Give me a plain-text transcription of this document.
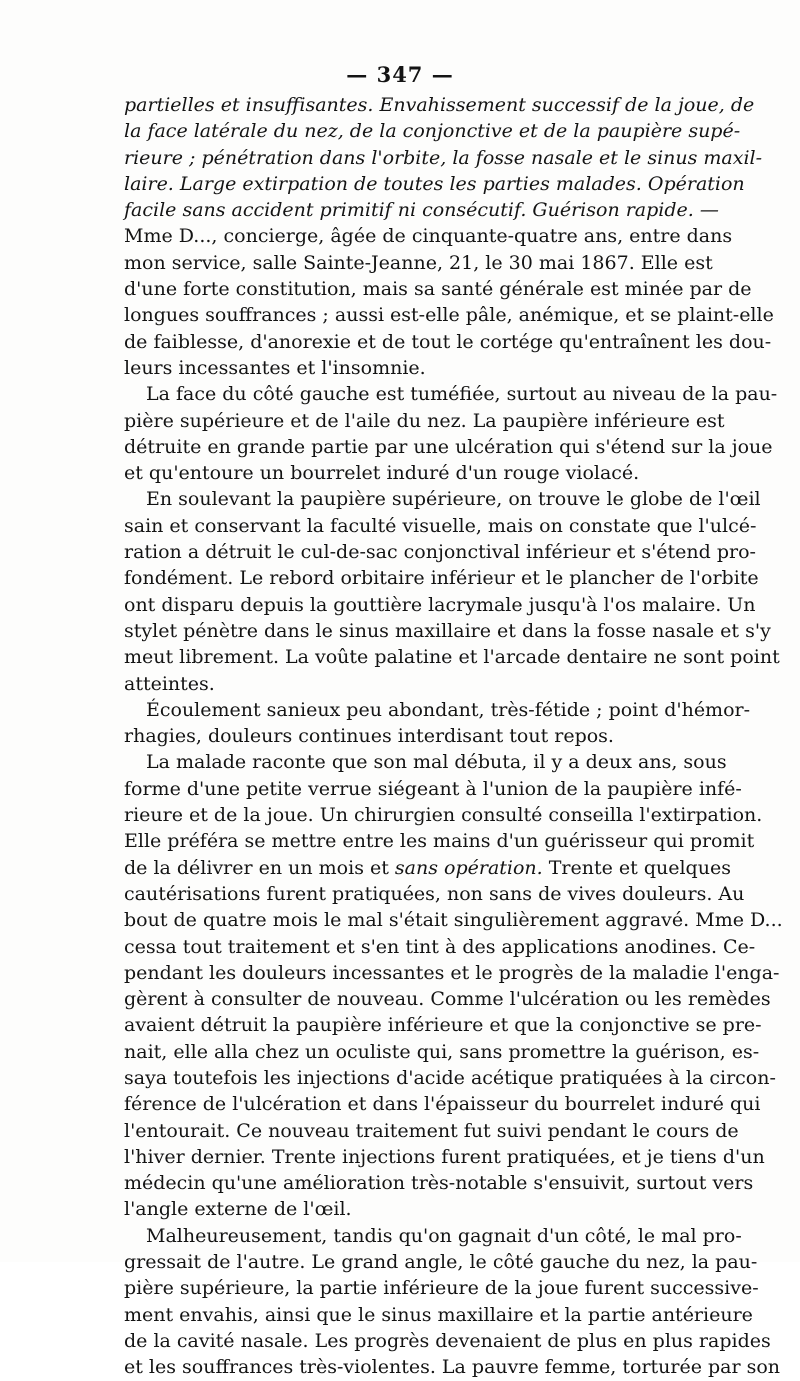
— 347 —
partielles et insuffisantes. Envahissement successif de la joue, de
la face latérale du nez, de la conjonctive et de la paupière supé-
rieure ; pénétration dans l'orbite, la fosse nasale et le sinus maxil-
laire. Large extirpation de toutes les parties malades. Opération
facile sans accident primitif ni consécutif. Guérison rapide. —
Mme D..., concierge, âgée de cinquante-quatre ans, entre dans
mon service, salle Sainte-Jeanne, 21, le 30 mai 1867. Elle est
d'une forte constitution, mais sa santé générale est minée par de
longues souffrances ; aussi est-elle pâle, anémique, et se plaint-elle
de faiblesse, d'anorexie et de tout le cortége qu'entraînent les dou-
leurs incessantes et l'insomnie.
La face du côté gauche est tuméfiée, surtout au niveau de la pau-
pière supérieure et de l'aile du nez. La paupière inférieure est
détruite en grande partie par une ulcération qui s'étend sur la joue
et qu'entoure un bourrelet induré d'un rouge violacé.
En soulevant la paupière supérieure, on trouve le globe de l'œil
sain et conservant la faculté visuelle, mais on constate que l'ulcé-
ration a détruit le cul-de-sac conjonctival inférieur et s'étend pro-
fondément. Le rebord orbitaire inférieur et le plancher de l'orbite
ont disparu depuis la gouttière lacrymale jusqu'à l'os malaire. Un
stylet pénètre dans le sinus maxillaire et dans la fosse nasale et s'y
meut librement. La voûte palatine et l'arcade dentaire ne sont point
atteintes.
Écoulement sanieux peu abondant, très-fétide ; point d'hémor-
rhagies, douleurs continues interdisant tout repos.
La malade raconte que son mal débuta, il y a deux ans, sous
forme d'une petite verrue siégeant à l'union de la paupière infé-
rieure et de la joue. Un chirurgien consulté conseilla l'extirpation.
Elle préféra se mettre entre les mains d'un guérisseur qui promit
de la délivrer en un mois et sans opération. Trente et quelques
cautérisations furent pratiquées, non sans de vives douleurs. Au
bout de quatre mois le mal s'était singulièrement aggravé. Mme D...
cessa tout traitement et s'en tint à des applications anodines. Ce-
pendant les douleurs incessantes et le progrès de la maladie l'enga-
gèrent à consulter de nouveau. Comme l'ulcération ou les remèdes
avaient détruit la paupière inférieure et que la conjonctive se pre-
nait, elle alla chez un oculiste qui, sans promettre la guérison, es-
saya toutefois les injections d'acide acétique pratiquées à la circon-
férence de l'ulcération et dans l'épaisseur du bourrelet induré qui
l'entourait. Ce nouveau traitement fut suivi pendant le cours de
l'hiver dernier. Trente injections furent pratiquées, et je tiens d'un
médecin qu'une amélioration très-notable s'ensuivit, surtout vers
l'angle externe de l'œil.
Malheureusement, tandis qu'on gagnait d'un côté, le mal pro-
gressait de l'autre. Le grand angle, le côté gauche du nez, la pau-
pière supérieure, la partie inférieure de la joue furent successive-
ment envahis, ainsi que le sinus maxillaire et la partie antérieure
de la cavité nasale. Les progrès devenaient de plus en plus rapides
et les souffrances très-violentes. La pauvre femme, torturée par son
